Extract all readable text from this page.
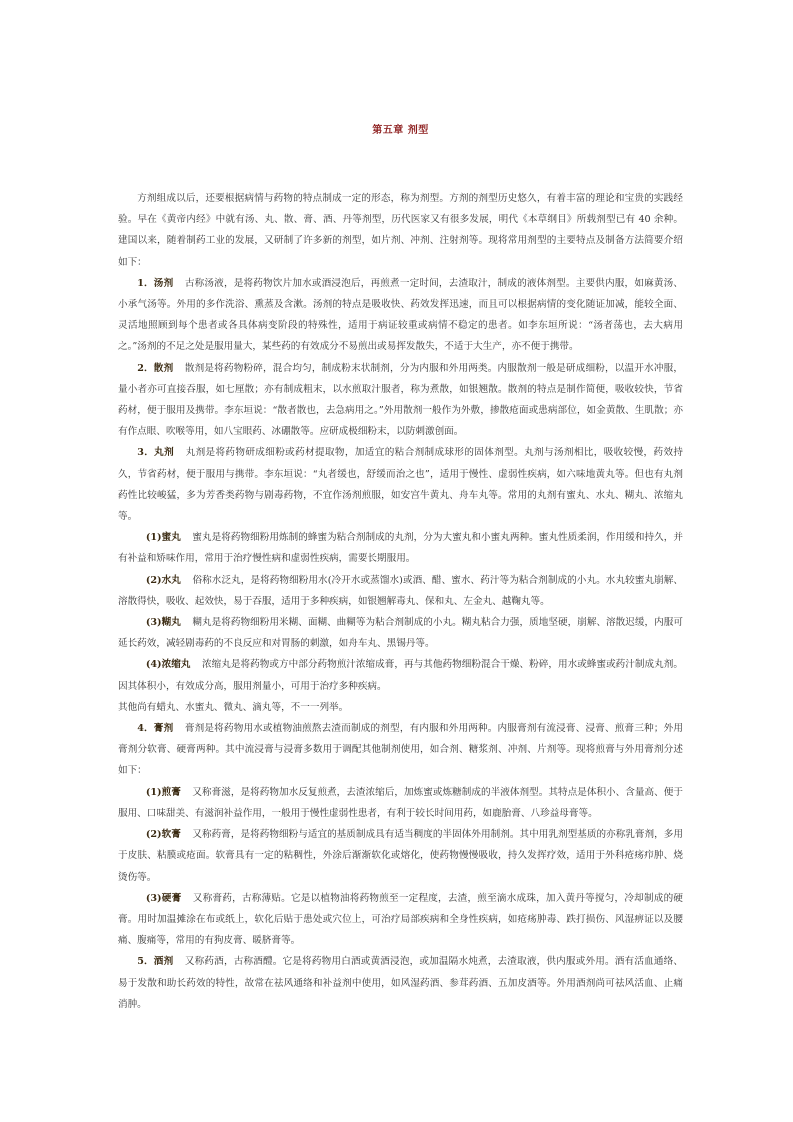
第五章 剂型

方剂组成以后，还要根据病情与药物的特点制成一定的形态，称为剂型。方剂的剂型历史悠久，有着丰富的理论和宝贵的实践经验。早在《黄帝内经》中就有汤、丸、散、膏、酒、丹等剂型，历代医家又有很多发展，明代《本草纲目》所载剂型已有 40 余种。建国以来，随着制药工业的发展，又研制了许多新的剂型，如片剂、冲剂、注射剂等。现将常用剂型的主要特点及制备方法简要介绍如下：

1．汤剂 古称汤液，是将药物饮片加水或酒浸泡后，再煎煮一定时间，去渣取汁，制成的液体剂型。主要供内服，如麻黄汤、小承气汤等。外用的多作洗浴、熏蒸及含漱。汤剂的特点是吸收快、药效发挥迅速，而且可以根据病情的变化随证加减，能较全面、灵活地照顾到每个患者或各具体病变阶段的特殊性，适用于病证较重或病情不稳定的患者。如李东垣所说：“汤者荡也，去大病用之。”汤剂的不足之处是服用量大，某些药的有效成分不易煎出或易挥发散失，不适于大生产，亦不便于携带。

2．散剂 散剂是将药物粉碎，混合均匀，制成粉末状制剂，分为内服和外用两类。内服散剂一般是研成细粉，以温开水冲服，量小者亦可直接吞服，如七厘散；亦有制成粗末，以水煎取汁服者，称为煮散，如银翘散。散剂的特点是制作简便，吸收较快，节省药材，便于服用及携带。李东垣说：“散者散也，去急病用之。”外用散剂一般作为外敷，掺散疮面或患病部位，如金黄散、生肌散；亦有作点眼、吹喉等用，如八宝眼药、冰硼散等。应研成极细粉末，以防刺激创面。

3．丸剂 丸剂是将药物研成细粉或药材提取物，加适宜的粘合剂制成球形的固体剂型。丸剂与汤剂相比，吸收较慢，药效持久，节省药材，便于服用与携带。李东垣说：“丸者缓也，舒缓而治之也”，适用于慢性、虚弱性疾病，如六味地黄丸等。但也有丸剂药性比较峻猛，多为芳香类药物与剧毒药物，不宜作汤剂煎服，如安宫牛黄丸、舟车丸等。常用的丸剂有蜜丸、水丸、糊丸、浓缩丸等。

(1)蜜丸 蜜丸是将药物细粉用炼制的蜂蜜为粘合剂制成的丸剂，分为大蜜丸和小蜜丸两种。蜜丸性质柔润，作用缓和持久，并有补益和矫味作用，常用于治疗慢性病和虚弱性疾病，需要长期服用。

(2)水丸 俗称水泛丸，是将药物细粉用水(冷开水或蒸馏水)或酒、醋、蜜水、药汁等为粘合剂制成的小丸。水丸较蜜丸崩解、溶散得快，吸收、起效快，易于吞服，适用于多种疾病，如银翘解毒丸、保和丸、左金丸、越鞠丸等。

(3)糊丸 糊丸是将药物细粉用米糊、面糊、曲糊等为粘合剂制成的小丸。糊丸粘合力强，质地坚硬，崩解、溶散迟缓，内服可延长药效，减轻剧毒药的不良反应和对胃肠的刺激，如舟车丸、黑锡丹等。

(4)浓缩丸 浓缩丸是将药物或方中部分药物煎汁浓缩成膏，再与其他药物细粉混合干燥、粉碎，用水或蜂蜜或药汁制成丸剂。因其体积小，有效成分高，服用剂量小，可用于治疗多种疾病。

其他尚有蜡丸、水蜜丸、微丸、滴丸等，不一一列举。

4．膏剂 膏剂是将药物用水或植物油煎熬去渣而制成的剂型，有内服和外用两种。内服膏剂有流浸膏、浸膏、煎膏三种；外用膏剂分软膏、硬膏两种。其中流浸膏与浸膏多数用于调配其他制剂使用，如合剂、糖浆剂、冲剂、片剂等。现将煎膏与外用膏剂分述如下：

(1)煎膏 又称膏滋，是将药物加水反复煎煮，去渣浓缩后，加炼蜜或炼糖制成的半液体剂型。其特点是体积小、含量高、便于服用、口味甜美、有滋润补益作用，一般用于慢性虚弱性患者，有利于较长时间用药，如鹿胎膏、八珍益母膏等。

(2)软膏 又称药膏，是将药物细粉与适宜的基质制成具有适当稠度的半固体外用制剂。其中用乳剂型基质的亦称乳膏剂，多用于皮肤、粘膜或疮面。软膏具有一定的粘稠性，外涂后渐渐软化或熔化，使药物慢慢吸收，持久发挥疗效，适用于外科疮疡疖肿、烧烫伤等。

(3)硬膏 又称膏药，古称薄贴。它是以植物油将药物煎至一定程度，去渣，煎至滴水成珠，加入黄丹等搅匀，冷却制成的硬膏。用时加温摊涂在布或纸上，软化后贴于患处或穴位上，可治疗局部疾病和全身性疾病，如疮疡肿毒、跌打损伤、风湿痹证以及腰痛、腹痛等，常用的有狗皮膏、暖脐膏等。

5．酒剂 又称药酒，古称酒醴。它是将药物用白酒或黄酒浸泡，或加温隔水炖煮，去渣取液，供内服或外用。酒有活血通络、易于发散和助长药效的特性，故常在祛风通络和补益剂中使用，如风湿药酒、参茸药酒、五加皮酒等。外用酒剂尚可祛风活血、止痛消肿。
